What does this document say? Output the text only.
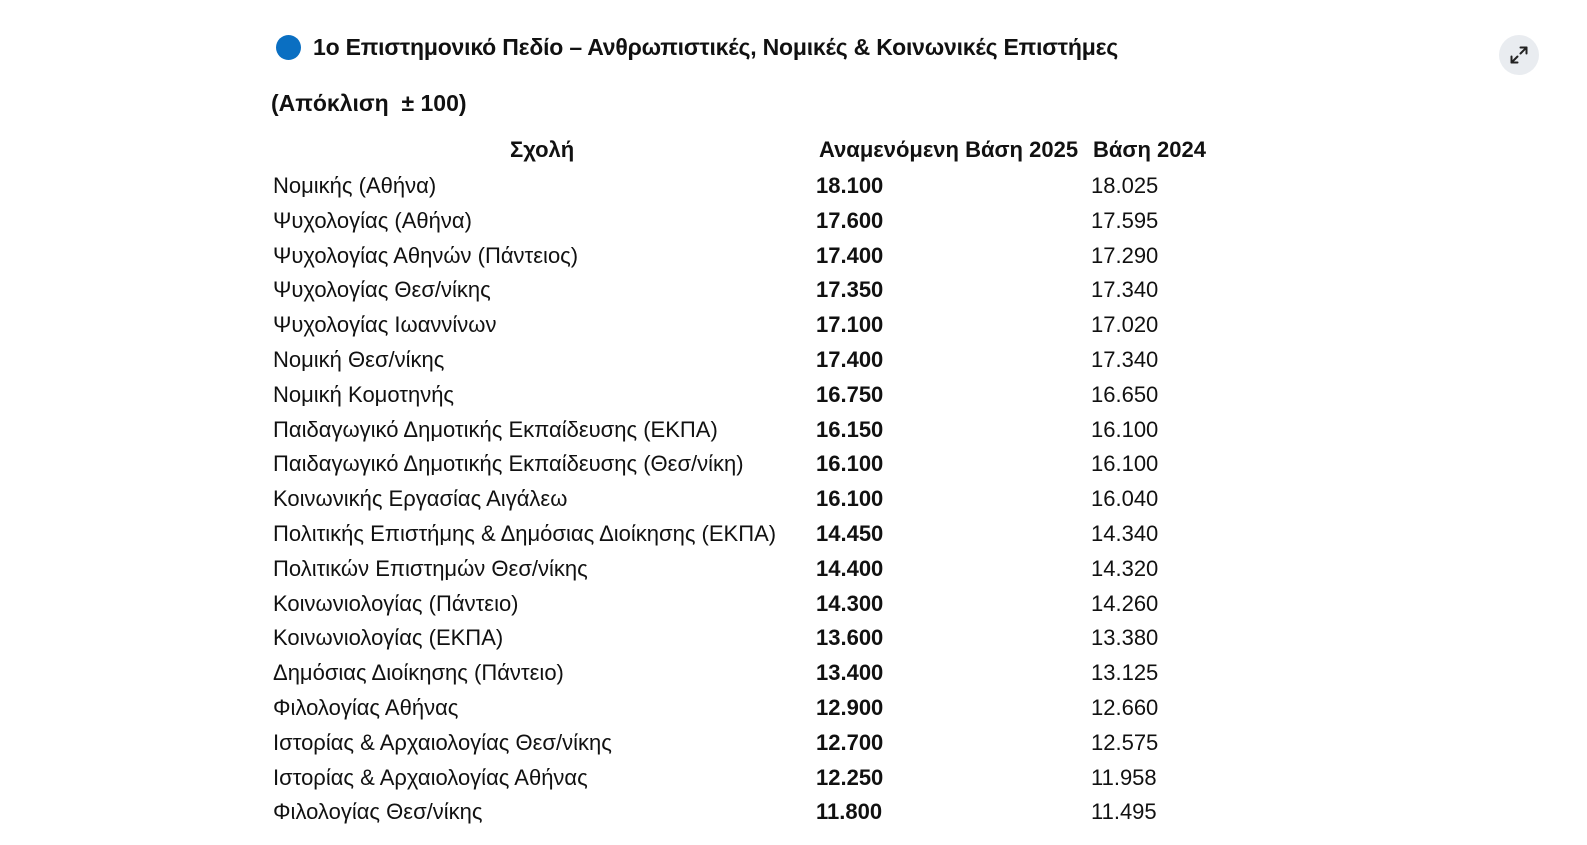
1ο Επιστημονικό Πεδίο – Ανθρωπιστικές, Νομικές & Κοινωνικές Επιστήμες
(Απόκλιση  ± 100)
Σχολή	Αναμενόμενη Βάση 2025 Βάση 2024
Νομικής (Αθήνα)	18.100	18.025
Ψυχολογίας (Αθήνα)	17.600	17.595
Ψυχολογίας Αθηνών (Πάντειος)	17.400	17.290
Ψυχολογίας Θεσ/νίκης	17.350	17.340
Ψυχολογίας Ιωαννίνων	17.100	17.020
Νομική Θεσ/νίκης	17.400	17.340
Νομική Κομοτηνής	16.750	16.650
Παιδαγωγικό Δημοτικής Εκπαίδευσης (ΕΚΠΑ)	16.150	16.100
Παιδαγωγικό Δημοτικής Εκπαίδευσης (Θεσ/νίκη)	16.100	16.100
Κοινωνικής Εργασίας Αιγάλεω	16.100	16.040
Πολιτικής Επιστήμης & Δημόσιας Διοίκησης (ΕΚΠΑ) 14.450	14.340
Πολιτικών Επιστημών Θεσ/νίκης	14.400	14.320
Κοινωνιολογίας (Πάντειο)	14.300	14.260
Κοινωνιολογίας (ΕΚΠΑ)	13.600	13.380
Δημόσιας Διοίκησης (Πάντειο)	13.400	13.125
Φιλολογίας Αθήνας	12.900	12.660
Ιστορίας & Αρχαιολογίας Θεσ/νίκης	12.700	12.575
Ιστορίας & Αρχαιολογίας Αθήνας	12.250	11.958
Φιλολογίας Θεσ/νίκης	11.800	11.495
